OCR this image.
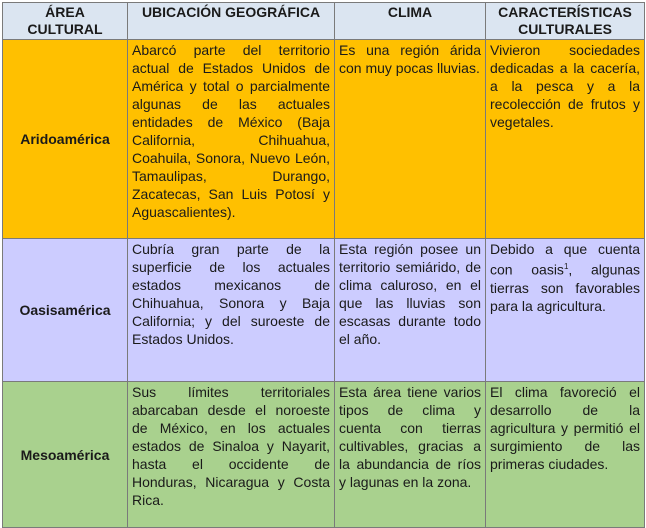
ÁREA CULTURAL	UBICACIÓN GEOGRÁFICA	CLIMA	CARACTERÍSTICAS CULTURALES
Aridoamérica	Abarcó parte del territorio actual de Estados Unidos de América y total o parcialmente algunas de las actuales entidades de México (Baja California, Chihuahua, Coahuila, Sonora, Nuevo León, Tamaulipas, Durango, Zacatecas, San Luis Potosí y Aguascalientes).	Es una región árida con muy pocas lluvias.	Vivieron sociedades dedicadas a la cacería, a la pesca y a la recolección de frutos y vegetales.
Oasisamérica	Cubría gran parte de la superficie de los actuales estados mexicanos de Chihuahua, Sonora y Baja California; y del suroeste de Estados Unidos.	Esta región posee un territorio semiárido, de clima caluroso, en el que las lluvias son escasas durante todo el año.	Debido a que cuenta con oasis$^1$, algunas tierras son favorables para la agricultura.
Mesoamérica	Sus límites territoriales abarcaban desde el noroeste de México, en los actuales estados de Sinaloa y Nayarit, hasta el occidente de Honduras, Nicaragua y Costa Rica.	Esta área tiene varios tipos de clima y cuenta con tierras cultivables, gracias a la abundancia de ríos y lagunas en la zona.	El clima favoreció el desarrollo de la agricultura y permitió el surgimiento de las primeras ciudades.
